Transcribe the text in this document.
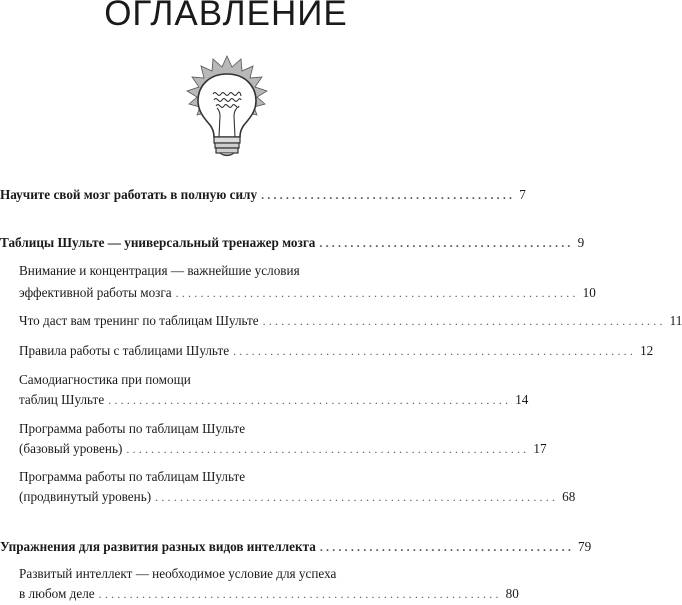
ОГЛАВЛЕНИЕ
Научите свой мозг работать в полную силу ......................................... 7
Таблицы Шульте — универсальный тренажер мозга ......................................... 9
Внимание и концентрация — важнейшие условия
эффективной работы мозга ................................................................. 10
Что даст вам тренинг по таблицам Шульте ................................................................. 11
Правила работы с таблицами Шульте ................................................................. 12
Самодиагностика при помощи
таблиц Шульте ................................................................. 14
Программа работы по таблицам Шульте
(базовый уровень) ................................................................. 17
Программа работы по таблицам Шульте
(продвинутый уровень) ................................................................. 68
Упражнения для развития разных видов интеллекта ......................................... 79
Развитый интеллект — необходимое условие для успеха
в любом деле ................................................................. 80
